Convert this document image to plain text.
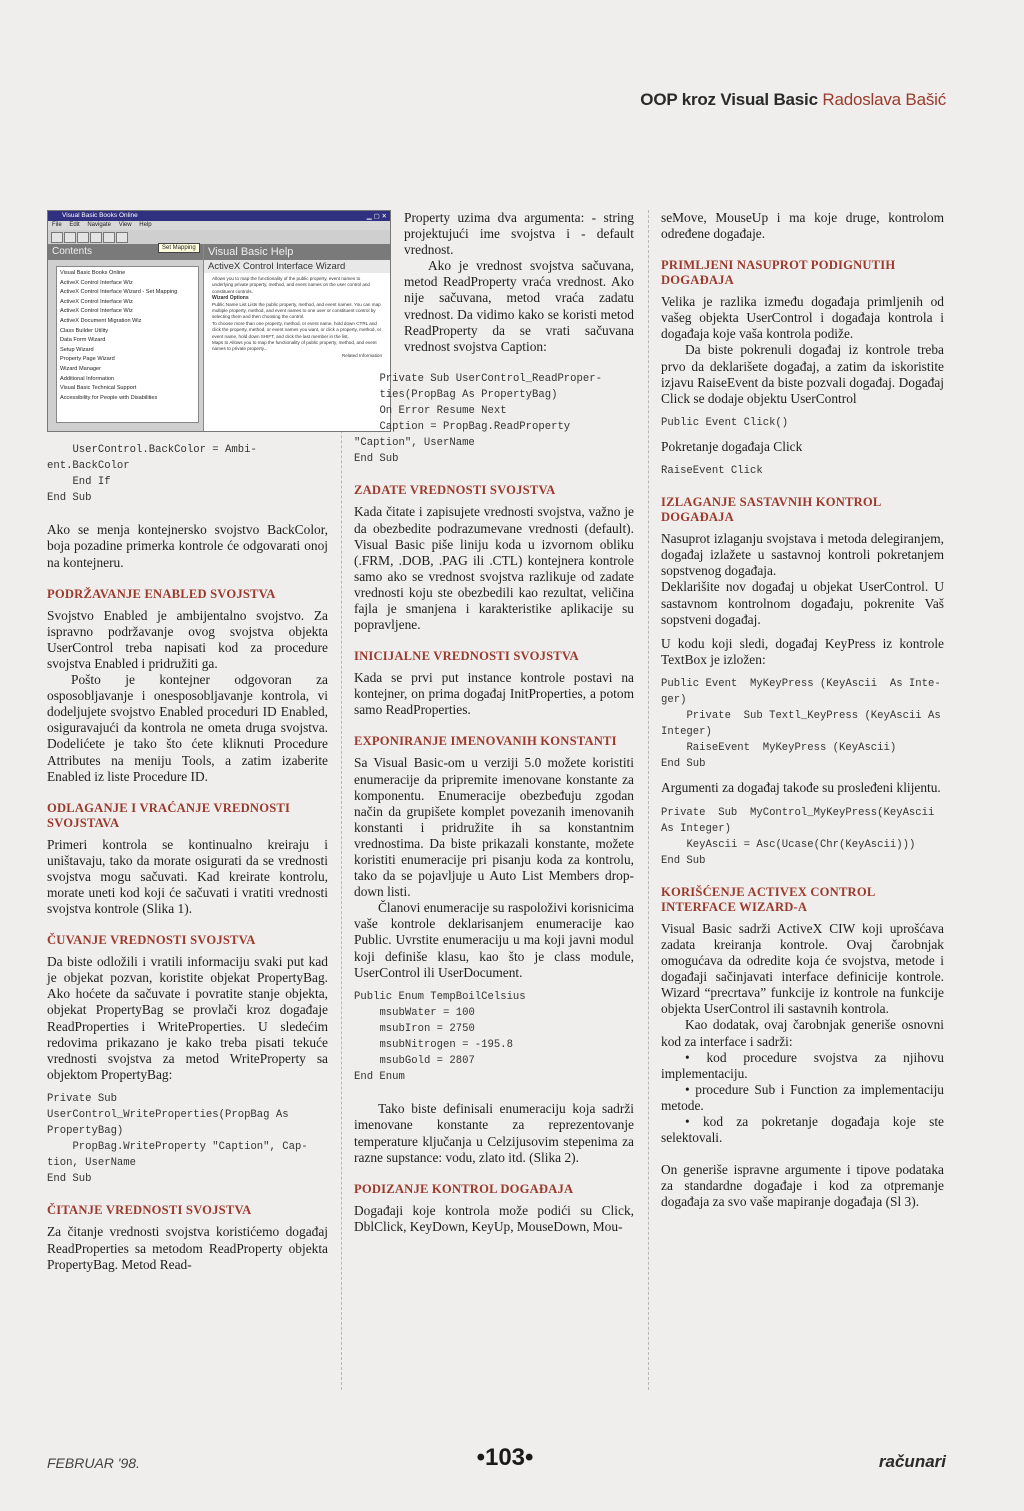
OOP kroz Visual Basic Radoslava Bašić
Visual Basic Books Online	▁ ▢ ✕
File Edit Navigate View Help
Contents
Visual Basic Books Online
ActiveX Control Interface Wiz
ActiveX Control Interface Wizard - Set Mapping
ActiveX Control Interface Wiz
ActiveX Control Interface Wiz
ActiveX Document Migration Wiz
Class Builder Utility
Data Form Wizard
Setup Wizard
Property Page Wizard
Wizard Manager
Additional Information
Visual Basic Technical Support
Accessibility for People with Disabilities
Visual Basic Help
ActiveX Control Interface Wizard
Allows you to map the functionality of the public property, event names to underlying private property, method, and event names on the user control and constituent controls.
Wizard Options
Public Name List Lists the public property, method, and event names. You can map multiple property, method, and event names to one user or constituent control by selecting them and then choosing the control.
To choose more than one property, method, or event name, hold down CTRL and click the property, method, or event names you want, or click a property, method, or event name, hold down SHIFT, and click the last member in the list.
Maps to Allows you to map the functionality of public property, method, and event names to private property...
Related Information
Set Mapping
UserControl.BackColor = Ambi-
ent.BackColor
End If
End Sub

Ako se menja kontejnersko svojstvo BackColor, boja pozadine primerka kontrole će odgovarati onoj na kontejneru.

PODRŽAVANJE ENABLED SVOJSTVA

Svojstvo Enabled je ambijentalno svojstvo. Za ispravno podržavanje ovog svojstva objekta UserControl treba napisati kod za procedure svojstva Enabled i pridružiti ga.

Pošto je kontejner odgovoran za osposobljavanje i onesposobljavanje kontrola, vi dodeljujete svojstvo Enabled proceduri ID Enabled, osiguravajući da kontrola ne ometa druga svojstva. Dodelićete je tako što ćete kliknuti Procedure Attributes na meniju Tools, a zatim izaberite Enabled iz liste Procedure ID.

ODLAGANJE I VRAĆANJE VREDNOSTI SVOJSTAVA

Primeri kontrola se kontinualno kreiraju i uništavaju, tako da morate osigurati da se vrednosti svojstva mogu sačuvati. Kad kreirate kontrolu, morate uneti kod koji će sačuvati i vratiti vrednosti svojstva kontrole (Slika 1).

ČUVANJE VREDNOSTI SVOJSTVA

Da biste odložili i vratili informaciju svaki put kad je objekat pozvan, koristite objekat PropertyBag. Ako hoćete da sačuvate i povratite stanje objekta, objekat PropertyBag se provlači kroz događaje ReadProperties i WriteProperties. U sledećim redovima prikazano je kako treba pisati tekuće vrednosti svojstva za metod WriteProperty sa objektom PropertyBag:

Private Sub
UserControl_WriteProperties(PropBag As
PropertyBag)
PropBag.WriteProperty "Caption", Cap-
tion, UserName
End Sub
ČITANJE VREDNOSTI SVOJSTVA

Za čitanje vrednosti svojstva koristićemo događaj ReadProperties sa metodom ReadProperty objekta PropertyBag. Metod Read-

Property uzima dva argumenta: - string projektujući ime svojstva i - default vrednost.

Ako je vrednost svojstva sačuvana, metod ReadProperty vraća vrednost. Ako nije sačuvana, metod vraća zadatu vrednost. Da vidimo kako se koristi metod ReadProperty da se vrati sačuvana vrednost svojstva Caption:

Private Sub UserControl_ReadProper-
ties(PropBag As PropertyBag)
On Error Resume Next
Caption = PropBag.ReadProperty
"Caption", UserName
End Sub
ZADATE VREDNOSTI SVOJSTVA

Kada čitate i zapisujete vrednosti svojstva, važno je da obezbedite podrazumevane vrednosti (default). Visual Basic piše liniju koda u izvornom obliku (.FRM, .DOB, .PAG ili .CTL) kontejnera kontrole samo ako se vrednost svojstva razlikuje od zadate vrednosti koju ste obezbedili kao rezultat, veličina fajla je smanjena i karakteristike aplikacije su popravljene.

INICIJALNE VREDNOSTI SVOJSTVA

Kada se prvi put instance kontrole postavi na kontejner, on prima događaj InitProperties, a potom samo ReadProperties.

EXPONIRANJE IMENOVANIH KONSTANTI

Sa Visual Basic-om u verziji 5.0 možete koristiti enumeracije da pripremite imenovane konstante za komponentu. Enumeracije obezbeđuju zgodan način da grupišete komplet povezanih imenovanih konstanti i pridružite ih sa konstantnim vrednostima. Da biste prikazali konstante, možete koristiti enumeracije pri pisanju koda za kontrolu, tako da se pojavljuje u Auto List Members drop-down listi.

Članovi enumeracije su raspoloživi korisnicima vaše kontrole deklarisanjem enumeracije kao Public. Uvrstite enumeraciju u ma koji javni modul koji definiše klasu, kao što je class module, UserControl ili UserDocument.

Public Enum TempBoilCelsius
msubWater = 100
msubIron = 2750
msubNitrogen = -195.8
msubGold = 2807
End Enum

Tako biste definisali enumeraciju koja sadrži imenovane konstante za reprezentovanje temperature ključanja u Celzijusovim stepenima za razne supstance: vodu, zlato itd. (Slika 2).

PODIZANJE KONTROL DOGAĐAJA

Događaji koje kontrola može podići su Click, DblClick, KeyDown, KeyUp, MouseDown, Mou-

seMove, MouseUp i ma koje druge, kontrolom određene događaje.

PRIMLJENI NASUPROT PODIGNUTIH DOGAĐAJA

Velika je razlika između događaja primljenih od vašeg objekta UserControl i događaja kontrola i događaja koje vaša kontrola podiže.

Da biste pokrenuli događaj iz kontrole treba prvo da deklarišete događaj, a zatim da iskoristite izjavu RaiseEvent da biste pozvali događaj. Događaj Click se dodaje objektu UserControl

Public Event Click()

Pokretanje događaja Click

RaiseEvent Click
IZLAGANJE SASTAVNIH KONTROL DOGAĐAJA

Nasuprot izlaganju svojstava i metoda delegiranjem, događaj izlažete u sastavnoj kontroli pokretanjem sopstvenog događaja.

Deklarišite nov događaj u objekat UserControl. U sastavnom kontrolnom događaju, pokrenite Vaš sopstveni događaj.

U kodu koji sledi, događaj KeyPress iz kontrole TextBox je izložen:

Public Event  MyKeyPress (KeyAscii  As Inte-
ger)
Private  Sub Textl_KeyPress (KeyAscii As
Integer)
RaiseEvent  MyKeyPress (KeyAscii)
End Sub

Argumenti za događaj takođe su prosleđeni klijentu.

Private  Sub  MyControl_MyKeyPress(KeyAscii
As Integer)
KeyAscii = Asc(Ucase(Chr(KeyAscii)))
End Sub
KORIŠĆENJE ACTIVEX CONTROL INTERFACE WIZARD-A

Visual Basic sadrži ActiveX CIW koji uprošćava zadata kreiranja kontrole. Ovaj čarobnjak omogućava da odredite koja će svojstva, metode i događaji sačinjavati interface definicije kontrole. Wizard “precrtava” funkcije iz kontrole na funkcije objekta UserControl ili sastavnih kontrola.

Kao dodatak, ovaj čarobnjak generiše osnovni kod za interface i sadrži:

• kod procedure svojstva za njihovu implementaciju.

• procedure Sub i Function za implementaciju metode.

• kod za pokretanje događaja koje ste selektovali.

On generiše ispravne argumente i tipove podataka za standardne događaje i kod za otpremanje događaja za svo vaše mapiranje događaja (Sl 3).

FEBRUAR '98.	•103•	računari
